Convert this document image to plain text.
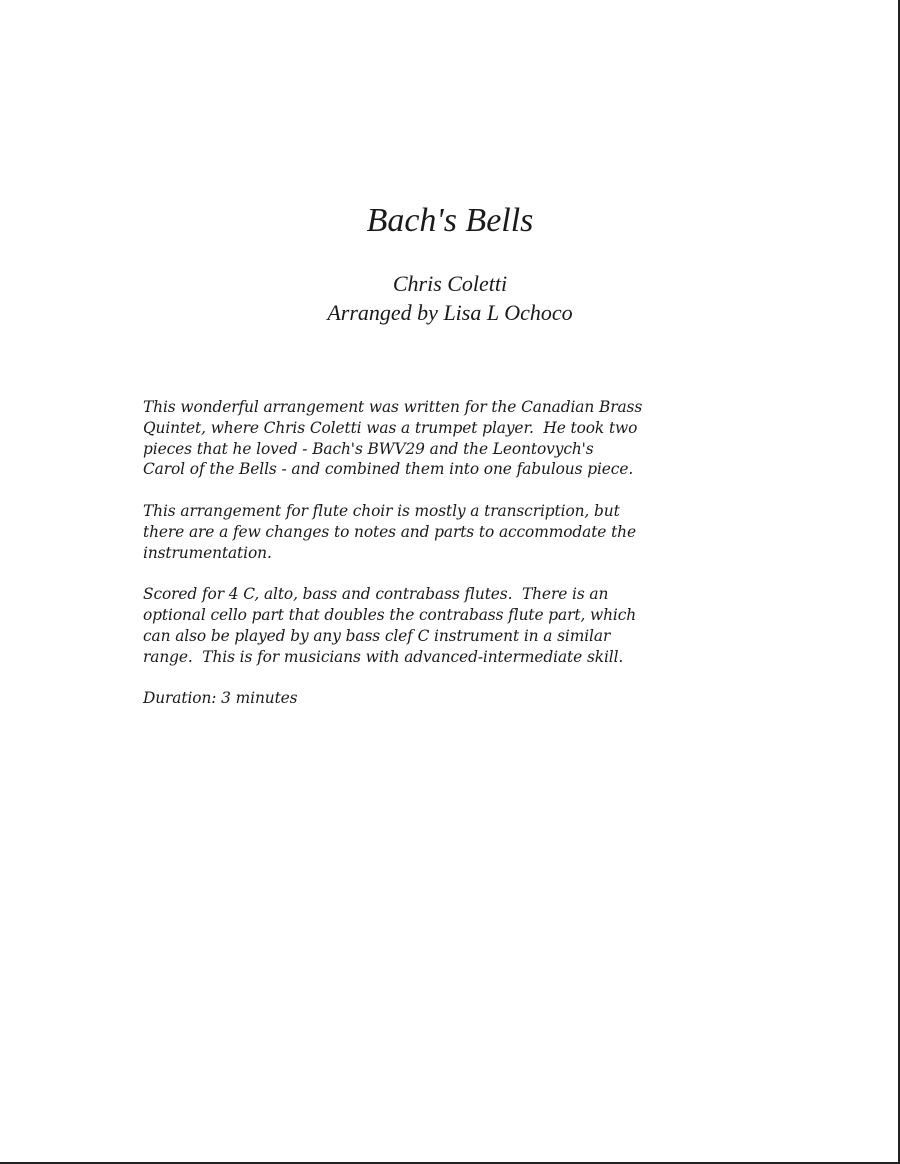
Bach's Bells
Chris Coletti
Arranged by Lisa L Ochoco

This wonderful arrangement was written for the Canadian Brass
Quintet, where Chris Coletti was a trumpet player.  He took two
pieces that he loved - Bach's BWV29 and the Leontovych's
Carol of the Bells - and combined them into one fabulous piece.

This arrangement for flute choir is mostly a transcription, but
there are a few changes to notes and parts to accommodate the
instrumentation.

Scored for 4 C, alto, bass and contrabass flutes.  There is an
optional cello part that doubles the contrabass flute part, which
can also be played by any bass clef C instrument in a similar
range.  This is for musicians with advanced-intermediate skill.

Duration: 3 minutes
